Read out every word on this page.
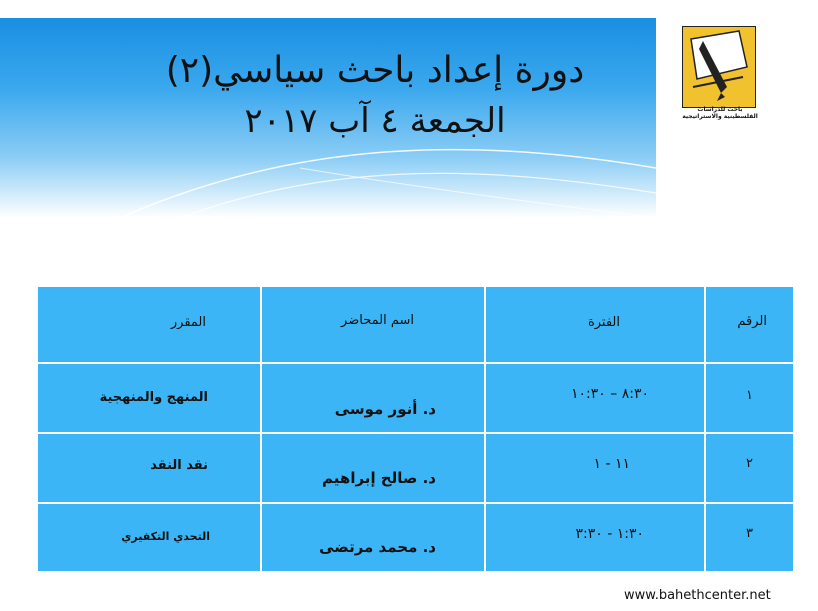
دورة إعداد باحث سياسي(٢)
الجمعة ٤ آب ٢٠١٧	باحث للدراسات الفلسطينية والاستراتيجية
الرقم
الفترة
اسم المحاضر
المقرر
١
٨:٣٠ – ١٠:٣٠
د. أنور موسى
المنهج والمنهجية
٢
١١ - ١
د. صالح إبراهيم
نقد النقد
٣
١:٣٠ - ٣:٣٠
د. محمد مرتضى
التحدي التكفيري
www.bahethcenter.net
